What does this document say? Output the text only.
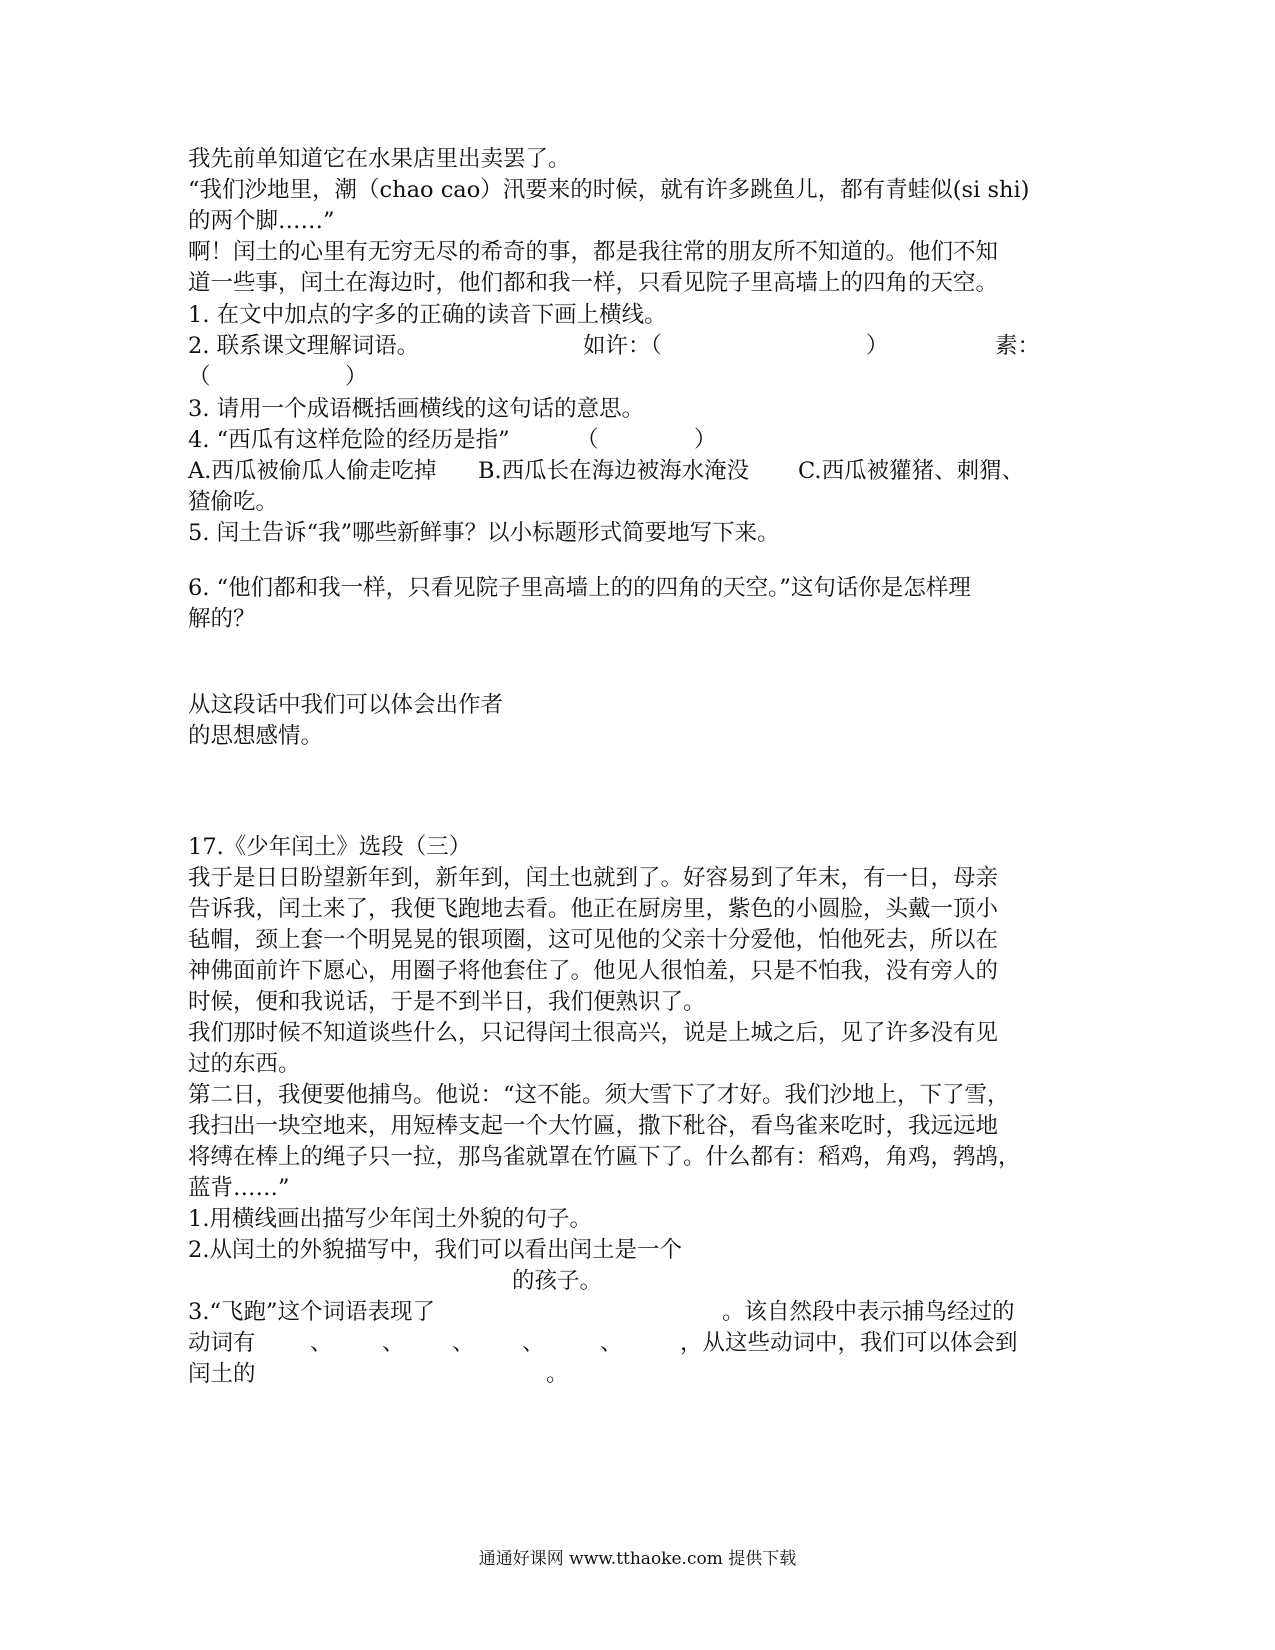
我先前单知道它在水果店里出卖罢了。
“我们沙地里，潮（chao cao）汛要来的时候，就有许多跳鱼儿，都有青蛙似(si shi)
的两个脚……”
啊！闰土的心里有无穷无尽的希奇的事，都是我往常的朋友所不知道的。他们不知
道一些事，闰土在海边时，他们都和我一样，只看见院子里高墙上的四角的天空。
1. 在文中加点的字多的正确的读音下画上横线。
2. 联系课文理解词语。	如许：（	）	素：
（	）
3. 请用一个成语概括画横线的这句话的意思。
4. “西瓜有这样危险的经历是指”	（	）
A.西瓜被偷瓜人偷走吃掉 B.西瓜长在海边被海水淹没 C.西瓜被獾猪、刺猬、
猹偷吃。
5. 闰土告诉“我”哪些新鲜事？以小标题形式简要地写下来。
6. “他们都和我一样，只看见院子里高墙上的的四角的天空。”这句话你是怎样理
解的？
从这段话中我们可以体会出作者
的思想感情。
17.《少年闰土》选段（三）
我于是日日盼望新年到，新年到，闰土也就到了。好容易到了年末，有一日，母亲
告诉我，闰土来了，我便飞跑地去看。他正在厨房里，紫色的小圆脸，头戴一顶小
毡帽，颈上套一个明晃晃的银项圈，这可见他的父亲十分爱他，怕他死去，所以在
神佛面前许下愿心，用圈子将他套住了。他见人很怕羞，只是不怕我，没有旁人的
时候，便和我说话，于是不到半日，我们便熟识了。
我们那时候不知道谈些什么，只记得闰土很高兴，说是上城之后，见了许多没有见
过的东西。
第二日，我便要他捕鸟。他说：“这不能。须大雪下了才好。我们沙地上，下了雪，
我扫出一块空地来，用短棒支起一个大竹匾，撒下秕谷，看鸟雀来吃时，我远远地
将缚在棒上的绳子只一拉，那鸟雀就罩在竹匾下了。什么都有：稻鸡，角鸡，鹁鸪，
蓝背……”
1.用横线画出描写少年闰土外貌的句子。
2.从闰土的外貌描写中，我们可以看出闰土是一个
的孩子。
3.“飞跑”这个词语表现了	。该自然段中表示捕鸟经过的
动词有 、 、 、 、 、	，从这些动词中，我们可以体会到
闰土的	。
通通好课网 www.tthaoke.com 提供下载
